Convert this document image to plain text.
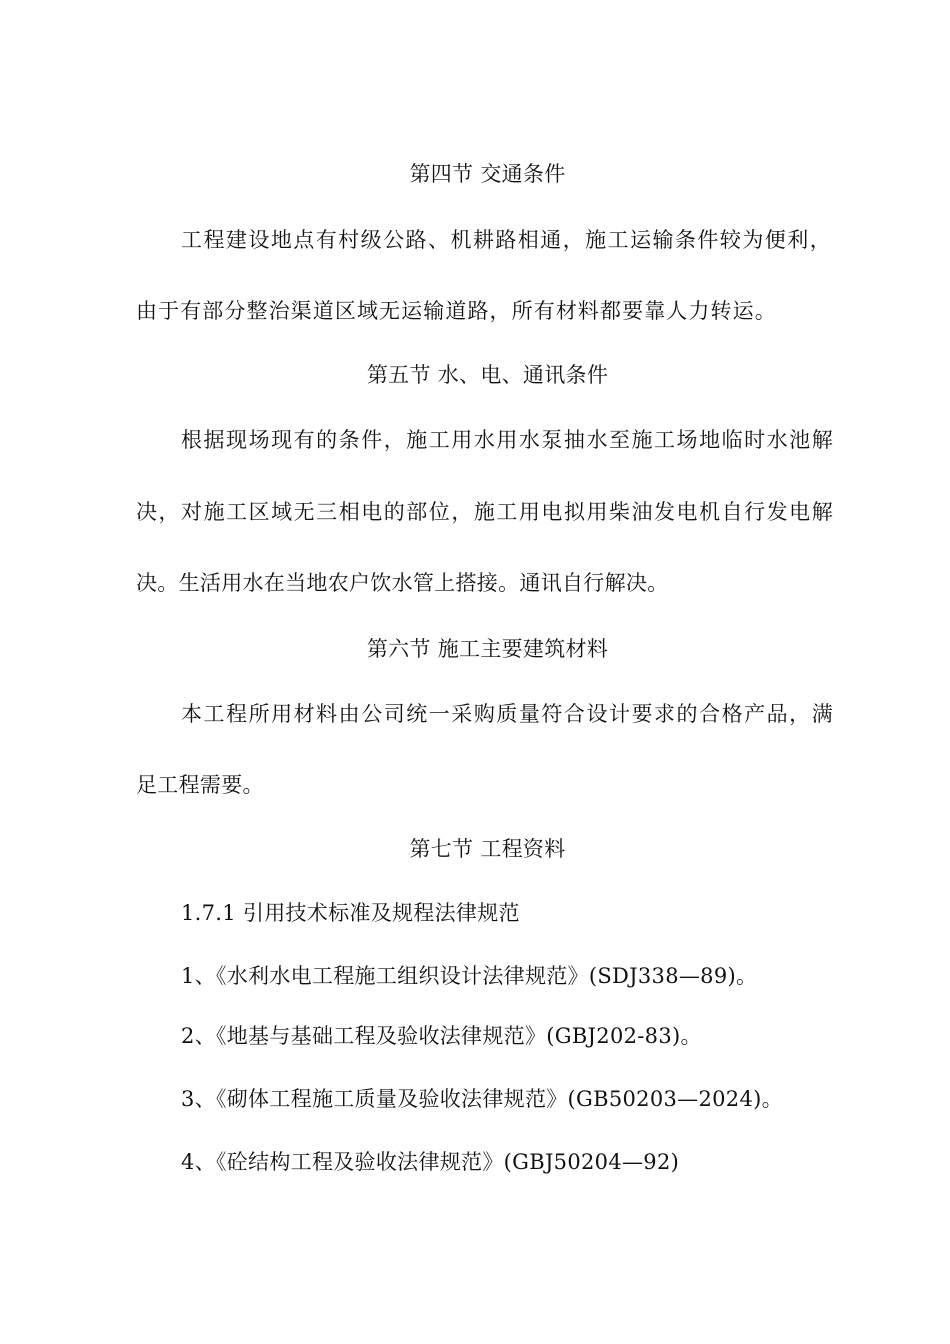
第四节 交通条件
工程建设地点有村级公路、机耕路相通，施工运输条件较为便利，
由于有部分整治渠道区域无运输道路，所有材料都要靠人力转运。
第五节 水、电、通讯条件
根据现场现有的条件，施工用水用水泵抽水至施工场地临时水池解
决，对施工区域无三相电的部位，施工用电拟用柴油发电机自行发电解
决。生活用水在当地农户饮水管上搭接。通讯自行解决。
第六节 施工主要建筑材料
本工程所用材料由公司统一采购质量符合设计要求的合格产品，满
足工程需要。
第七节 工程资料
1.7.1 引用技术标准及规程法律规范
1、《水利水电工程施工组织设计法律规范》(SDJ338—89)。
2、《地基与基础工程及验收法律规范》(GBJ202-83)。
3、《砌体工程施工质量及验收法律规范》(GB50203—2024)。
4、《砼结构工程及验收法律规范》(GBJ50204—92)
